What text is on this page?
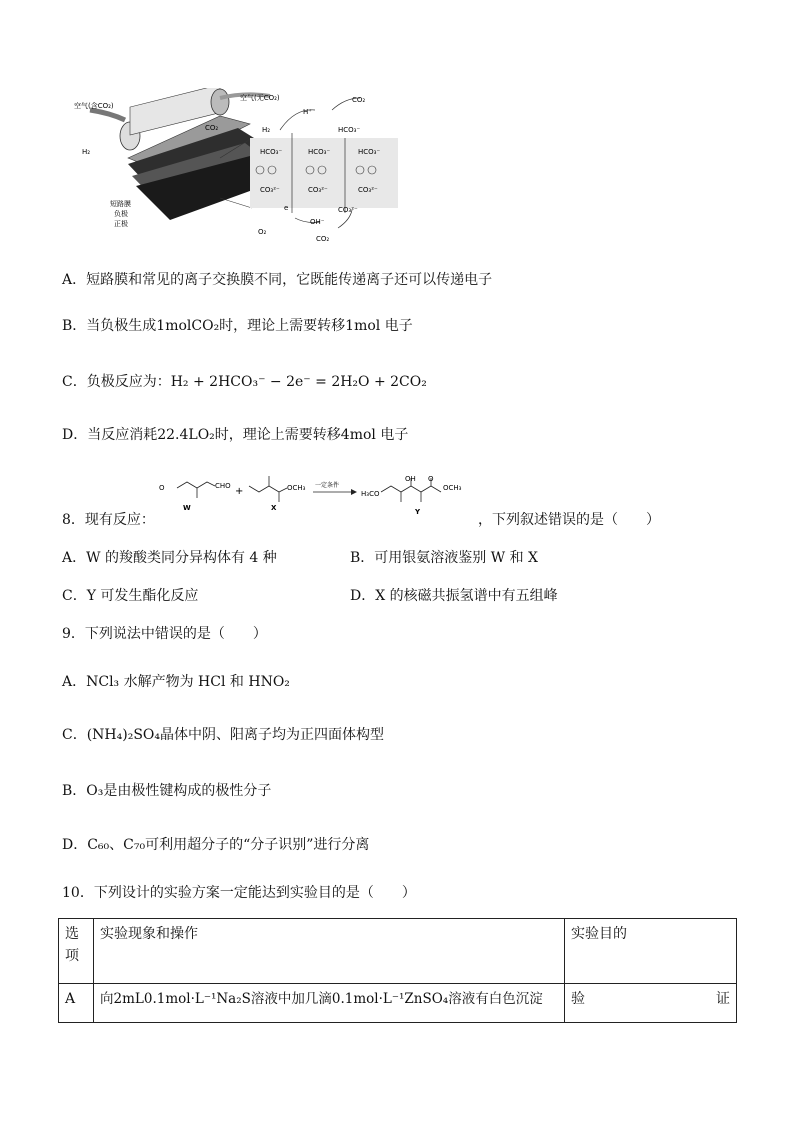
空气(含CO₂)
空气(无CO₂)
CO₂
H₂
短路膜
负极
正极
H₂
H⁺
CO₂
HCO₃⁻
HCO₃⁻	HCO₃⁻	HCO₃⁻
CO₃²⁻	CO₃²⁻	CO₃²⁻
e
O₂
OH⁻
CO₃²⁻
CO₂
A．短路膜和常见的离子交换膜不同，它既能传递离子还可以传递电子
B．当负极生成1molCO₂时，理论上需要转移1mol 电子
C．负极反应为：H₂ + 2HCO₃⁻ − 2e⁻ = 2H₂O + 2CO₂
D．当反应消耗22.4LO₂时，理论上需要转移4mol 电子
O	CHO
W
+	OCH₃
X
一定条件
H₃CO
OH O
OCH₃
Y
8．现有反应：	，下列叙述错误的是（　　）
A．W 的羧酸类同分异构体有 4 种	B．可用银氨溶液鉴别 W 和 X
C．Y 可发生酯化反应	D．X 的核磁共振氢谱中有五组峰
9．下列说法中错误的是（　　）
A．NCl₃ 水解产物为 HCl 和 HNO₂
C．(NH₄)₂SO₄晶体中阴、阳离子均为正四面体构型
B．O₃是由极性键构成的极性分子
D．C₆₀、C₇₀可利用超分子的“分子识别”进行分离
10．下列设计的实验方案一定能达到实验目的是（　　）
选项	实验现象和操作	实验目的
A	向2mL0.1mol·L⁻¹Na₂S溶液中加几滴0.1mol·L⁻¹ZnSO₄溶液有白色沉淀	验 证
